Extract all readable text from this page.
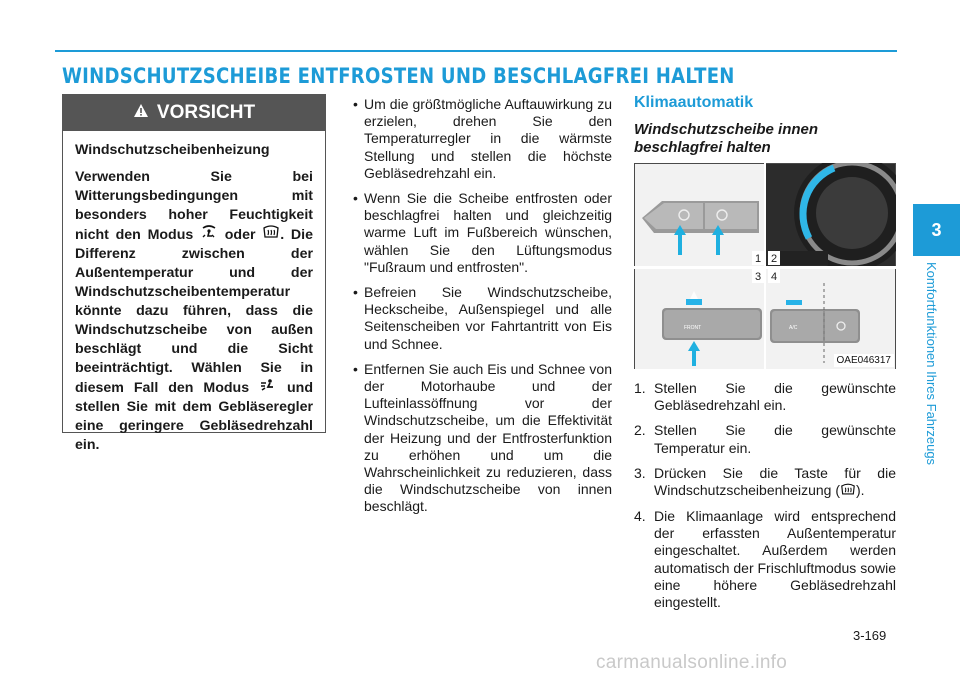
WINDSCHUTZSCHEIBE ENTFROSTEN UND BESCHLAGFREI HALTEN
VORSICHT
Windschutzscheibenheizung
Verwenden Sie bei Witterungsbedingungen mit besonders hoher Feuchtigkeit nicht den Modus oder . Die Differenz zwischen der Außentemperatur und der Windschutzscheibentemperatur könnte dazu führen, dass die Windschutzscheibe von außen beschlägt und die Sicht beeinträchtigt. Wählen Sie in diesem Fall den Modus	und stellen Sie mit dem Gebläseregler eine geringere Gebläsedrehzahl ein.
• Um die größtmögliche Auftauwirkung zu erzielen, drehen Sie den Temperaturregler in die wärmste Stellung und stellen die höchste Gebläsedrehzahl ein.
• Wenn Sie die Scheibe entfrosten oder beschlagfrei halten und gleichzeitig warme Luft im Fußbereich wünschen, wählen Sie den Lüftungsmodus "Fußraum und entfrosten".
• Befreien Sie Windschutzscheibe, Heckscheibe, Außenspiegel und alle Seitenscheiben vor Fahrtantritt von Eis und Schnee.
• Entfernen Sie auch Eis und Schnee von der Motorhaube und der Lufteinlassöffnung vor der Windschutzscheibe, um die Effektivität der Heizung und der Entfrosterfunktion zu erhöhen und um die Wahrscheinlichkeit zu reduzieren, dass die Windschutzscheibe von innen beschlägt.
Klimaautomatik
Windschutzscheibe innen beschlagfrei halten
1 2
3 4
FRONT	A/C
OAE046317
1. Stellen Sie die gewünschte Gebläsedrehzahl ein.
2. Stellen Sie die gewünschte Temperatur ein.
3. Drücken Sie die Taste für die Windschutzscheibenheizung ( ).
4. Die Klimaanlage wird entsprechend der erfassten Außentemperatur eingeschaltet. Außerdem werden automatisch der Frischluftmodus sowie eine höhere Gebläsedrehzahl eingestellt.
3-169
3
Komfortfunktionen Ihres Fahrzeugs
carmanualsonline.info
